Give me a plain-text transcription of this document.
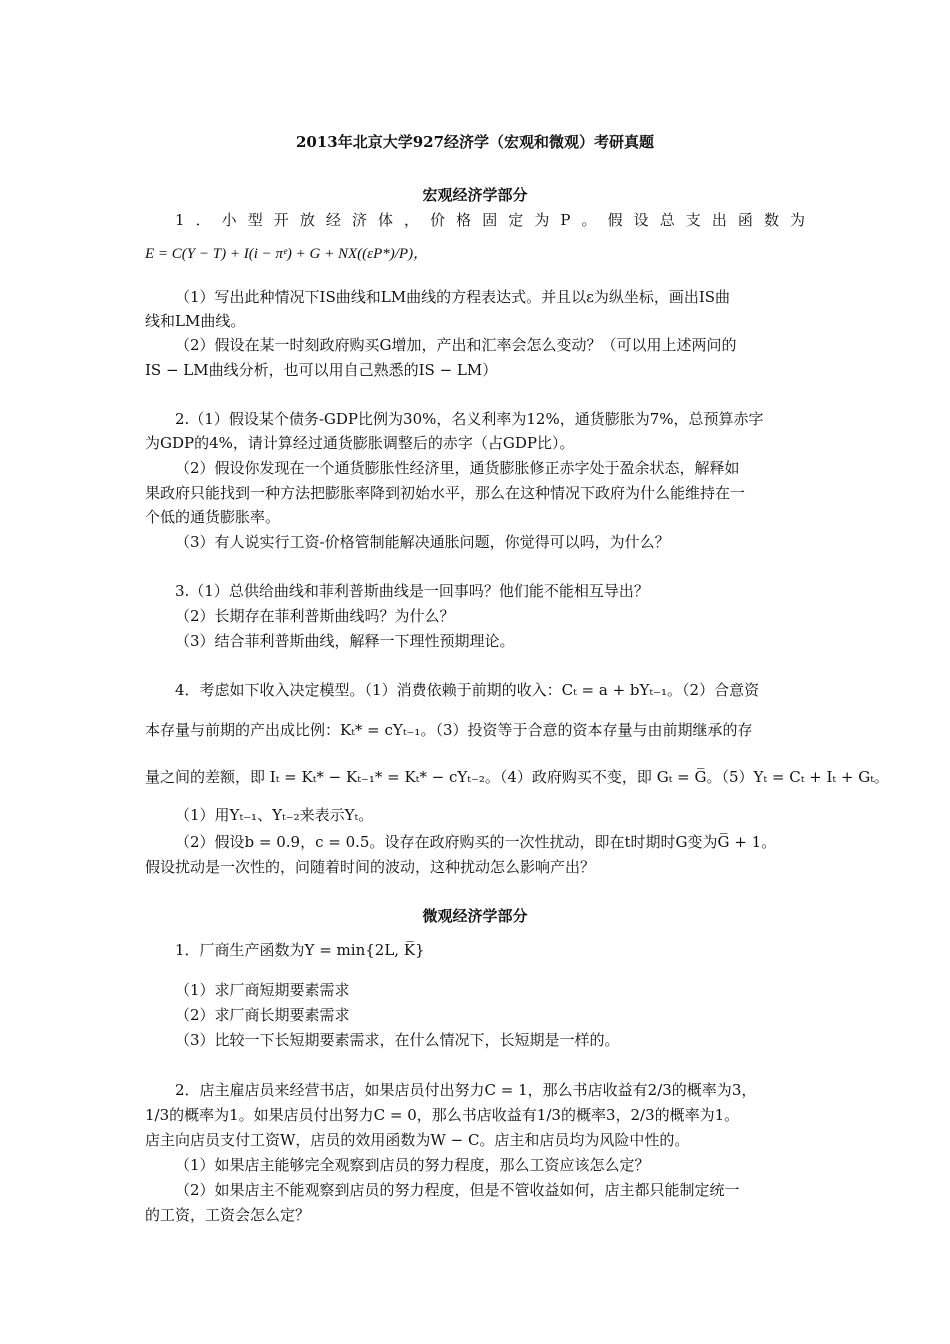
2013年北京大学927经济学（宏观和微观）考研真题
宏观经济学部分
1．小型开放经济体，价格固定为P。假设总支出函数为
E = C(Y − T) + I(i − πᵉ) + G + NX((εP*)/P)，
（1）写出此种情况下IS曲线和LM曲线的方程表达式。并且以ε为纵坐标，画出IS曲
线和LM曲线。
（2）假设在某一时刻政府购买G增加，产出和汇率会怎么变动？（可以用上述两问的
IS − LM曲线分析，也可以用自己熟悉的IS − LM）
2.（1）假设某个债务-GDP比例为30%，名义利率为12%，通货膨胀为7%，总预算赤字
为GDP的4%，请计算经过通货膨胀调整后的赤字（占GDP比）。
（2）假设你发现在一个通货膨胀性经济里，通货膨胀修正赤字处于盈余状态，解释如
果政府只能找到一种方法把膨胀率降到初始水平，那么在这种情况下政府为什么能维持在一
个低的通货膨胀率。
（3）有人说实行工资-价格管制能解决通胀问题，你觉得可以吗，为什么？
3.（1）总供给曲线和菲利普斯曲线是一回事吗？他们能不能相互导出？
（2）长期存在菲利普斯曲线吗？为什么？
（3）结合菲利普斯曲线，解释一下理性预期理论。
4．考虑如下收入决定模型。（1）消费依赖于前期的收入：Cₜ = a + bYₜ₋₁。（2）合意资
本存量与前期的产出成比例：Kₜ* = cYₜ₋₁。（3）投资等于合意的资本存量与由前期继承的存
量之间的差额，即 Iₜ = Kₜ* − Kₜ₋₁* = Kₜ* − cYₜ₋₂。（4）政府购买不变，即 Gₜ = G̅。（5）Yₜ = Cₜ + Iₜ + Gₜ。
（1）用Yₜ₋₁、Yₜ₋₂来表示Yₜ。
（2）假设b = 0.9，c = 0.5。设存在政府购买的一次性扰动，即在t时期时G变为G̅ + 1。
假设扰动是一次性的，问随着时间的波动，这种扰动怎么影响产出？
微观经济学部分
1．厂商生产函数为Y = min{2L, K̅}
（1）求厂商短期要素需求
（2）求厂商长期要素需求
（3）比较一下长短期要素需求，在什么情况下，长短期是一样的。
2．店主雇店员来经营书店，如果店员付出努力C = 1，那么书店收益有2/3的概率为3，
1/3的概率为1。如果店员付出努力C = 0，那么书店收益有1/3的概率3，2/3的概率为1。
店主向店员支付工资W，店员的效用函数为W − C。店主和店员均为风险中性的。
（1）如果店主能够完全观察到店员的努力程度，那么工资应该怎么定？
（2）如果店主不能观察到店员的努力程度，但是不管收益如何，店主都只能制定统一
的工资，工资会怎么定？
